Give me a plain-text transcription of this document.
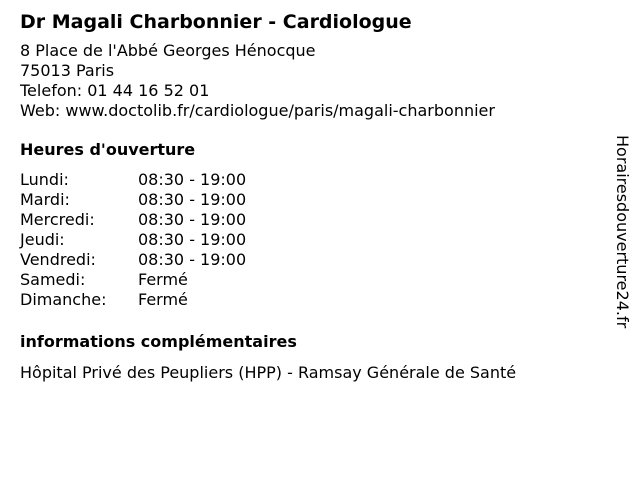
Dr Magali Charbonnier - Cardiologue
8 Place de l'Abbé Georges Hénocque
75013 Paris
Telefon: 01 44 16 52 01
Web: www.doctolib.fr/cardiologue/paris/magali-charbonnier
Heures d'ouverture
Lundi:	08:30 - 19:00
Mardi:	08:30 - 19:00
Mercredi:	08:30 - 19:00
Jeudi:	08:30 - 19:00
Vendredi:	08:30 - 19:00
Samedi:	Fermé
Dimanche: Fermé
informations complémentaires
Hôpital Privé des Peupliers (HPP) - Ramsay Générale de Santé
Horairesdouverture24.fr
